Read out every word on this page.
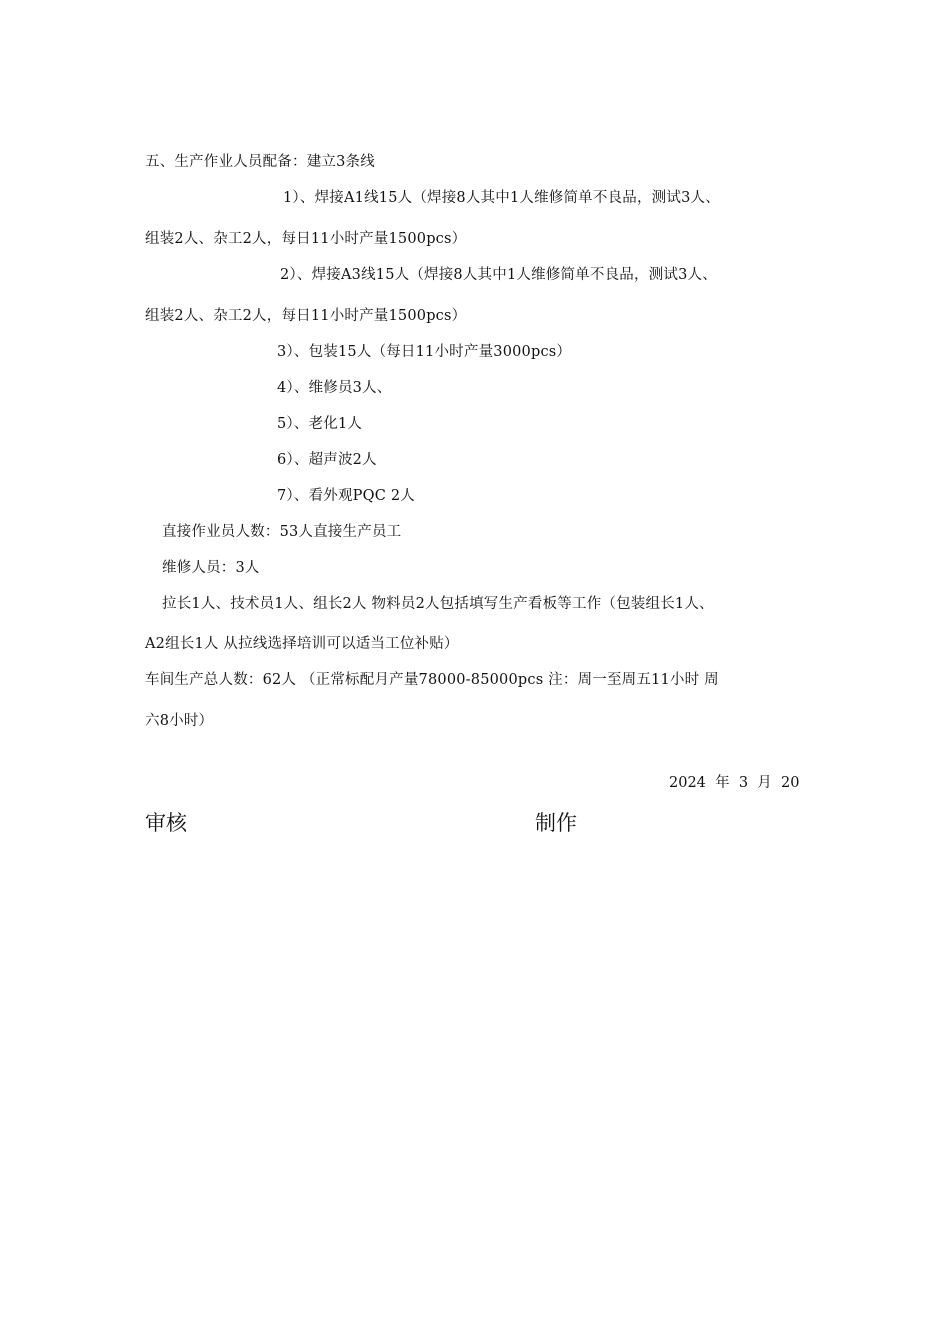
五、生产作业人员配备：建立3条线
1）、焊接A1线15人（焊接8人其中1人维修简单不良品，测试3人、
组装2人、杂工2人，每日11小时产量1500pcs）
2）、焊接A3线15人（焊接8人其中1人维修简单不良品，测试3人、
组装2人、杂工2人，每日11小时产量1500pcs）
3）、包装15人（每日11小时产量3000pcs）
4）、维修员3人、
5）、老化1人
6）、超声波2人
7）、看外观PQC 2人
直接作业员人数：53人直接生产员工
维修人员：3人
拉长1人、技术员1人、组长2人 物料员2人包括填写生产看板等工作（包装组长1人、
A2组长1人 从拉线选择培训可以适当工位补贴）
车间生产总人数：62人 （正常标配月产量78000-85000pcs 注：周一至周五11小时 周
六8小时）
2024  年  3  月  20
审核	制作
